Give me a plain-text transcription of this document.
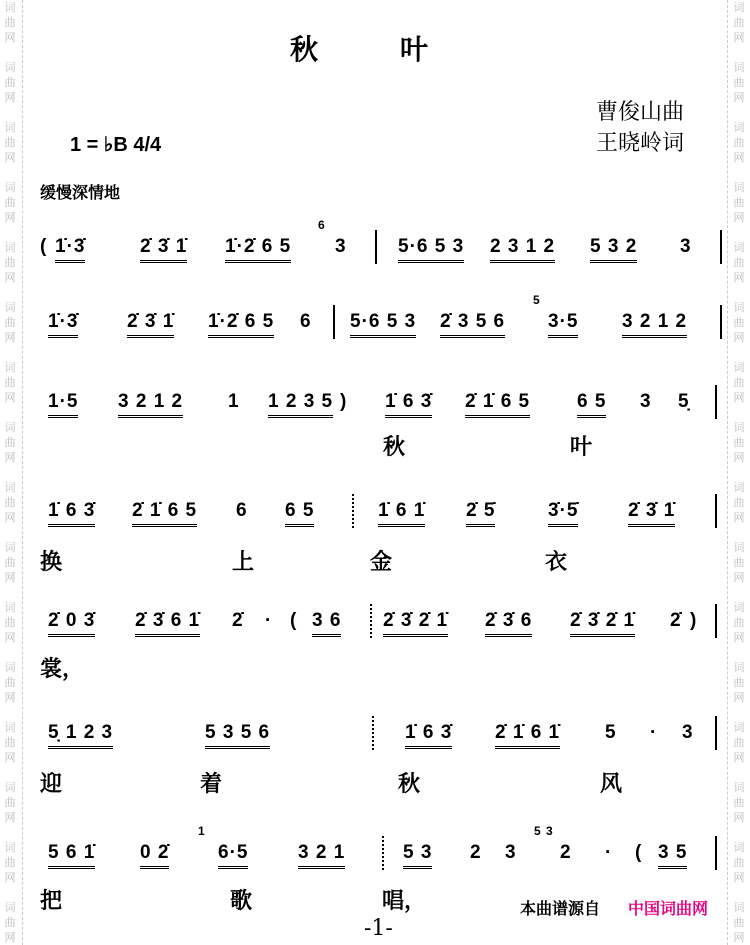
词
曲
网

词
曲
网

词
曲
网

词
曲
网

词
曲
网

词
曲
网

词
曲
网

词
曲
网

词
曲
网

词
曲
网

词
曲
网

词
曲
网

词
曲
网

词
曲
网

词
曲
网

词
曲
网

词
曲
网

词
曲
网

词
曲
网

词
曲
网

词
曲
网

词
曲
网

词
曲
网

词
曲
网

词
曲
网

词
曲
网

词
曲
网

词
曲
网

词
曲
网

词
曲
网

词
曲
网

词
曲
网

秋叶
曹俊山曲
王晓岭词
1 = ♭B 4/4
缓慢深情地
( 1̇·3̇	2̇ 3̇ 1̇ 1̇·2̇ 6 5
6
3	5·6 5 3 2 3 1 2 5 3 2 3
1̇·3̇	2̇ 3̇ 1̇ 1̇·2̇ 6 5 6 5·6 5 3 2̇ 3 5 6
5
3·5 3 2 1 2
1·5 3 2 1 2 1 1 2 3 5 ) 1̇ 6 3̇ 2̇ 1̇ 6 5 6 5 3 5̣
秋	叶
1̇ 6 3̇ 2̇ 1̇ 6 5 6 6 5	1̇ 6 1̇ 2̇ 5̇	3̇·5̇	2̇ 3̇ 1̇
换	上	金	衣
2̇ 0 3̇ 2̇ 3̇ 6 1̇ 2̇ · ( 3 6 2̇ 3̇ 2̇ 1̇ 2̇ 3̇ 6 2̇ 3̇ 2̇ 1̇ 2̇ )
裳，
5̣ 1 2 3	5 3 5 6	1̇ 6 3̇ 2̇ 1̇ 6 1̇ 5 · 3
迎	着	秋	风
5 6 1̇ 0 2̇
1
6·5	3 2 1	5 3 2 3
5 3
2 · ( 3 5
把	歌	唱，
-1-
本曲谱源自 中国词曲网
